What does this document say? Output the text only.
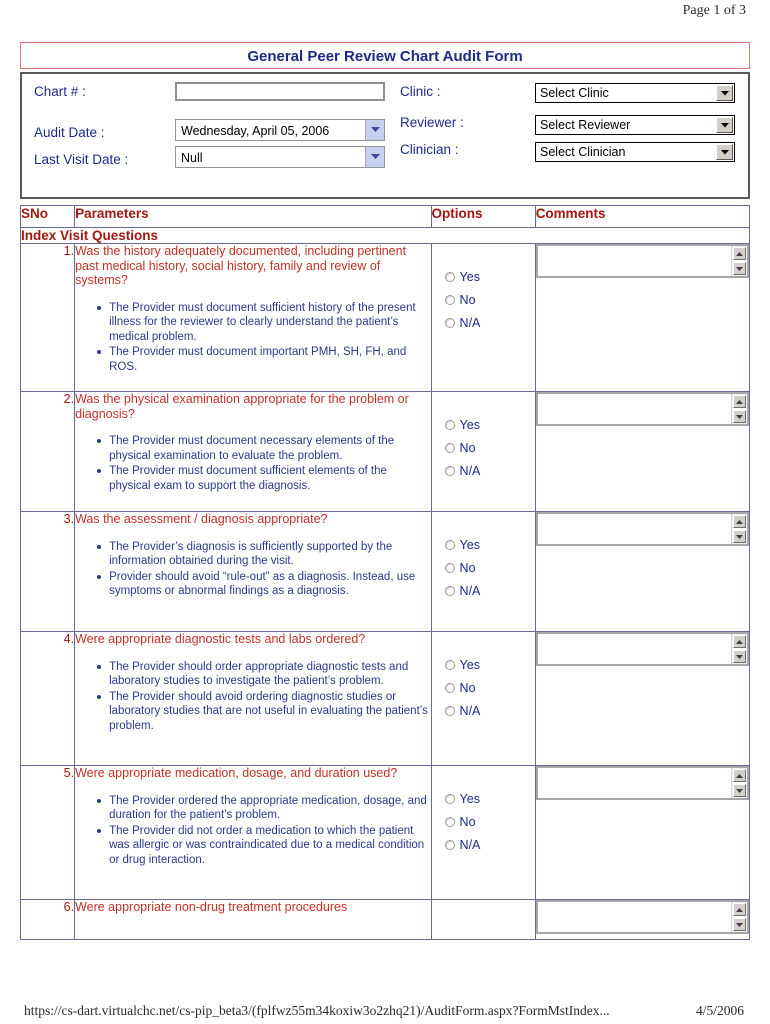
Page 1 of 3
General Peer Review Chart Audit Form
Chart # :
Audit Date :	Wednesday, April 05, 2006
Last Visit Date :	Null
Clinic :	Select Clinic
Reviewer :	Select Reviewer
Clinician :	Select Clinician
SNo	Parameters	Options	Comments
Index Visit Questions			
1.	Was the history adequately documented, including pertinent past medical history, social history, family and review of systems?
The Provider must document sufficient history of the present illness for the reviewer to clearly understand the patient’s medical problem.
The Provider must document important PMH, SH, FH, and ROS.

Yes
No
N/A

2.	Was the physical examination appropriate for the problem or diagnosis?
The Provider must document necessary elements of the physical examination to evaluate the problem.
The Provider must document sufficient elements of the physical exam to support the diagnosis.

Yes
No
N/A

3.	Was the assessment / diagnosis appropriate?
The Provider’s diagnosis is sufficiently supported by the information obtained during the visit.
Provider should avoid “rule-out” as a diagnosis. Instead, use symptoms or abnormal findings as a diagnosis.

Yes
No
N/A

4.	Were appropriate diagnostic tests and labs ordered?
The Provider should order appropriate diagnostic tests and laboratory studies to investigate the patient’s problem.
The Provider should avoid ordering diagnostic studies or laboratory studies that are not useful in evaluating the patient’s problem.

Yes
No
N/A

5.	Were appropriate medication, dosage, and duration used?
The Provider ordered the appropriate medication, dosage, and duration for the patient’s problem.
The Provider did not order a medication to which the patient was allergic or was contraindicated due to a medical condition or drug interaction.

Yes
No
N/A

6.	Were appropriate non-drug treatment procedures

https://cs-dart.virtualchc.net/cs-pip_beta3/(fplfwz55m34koxiw3o2zhq21)/AuditForm.aspx?FormMstIndex...	4/5/2006
